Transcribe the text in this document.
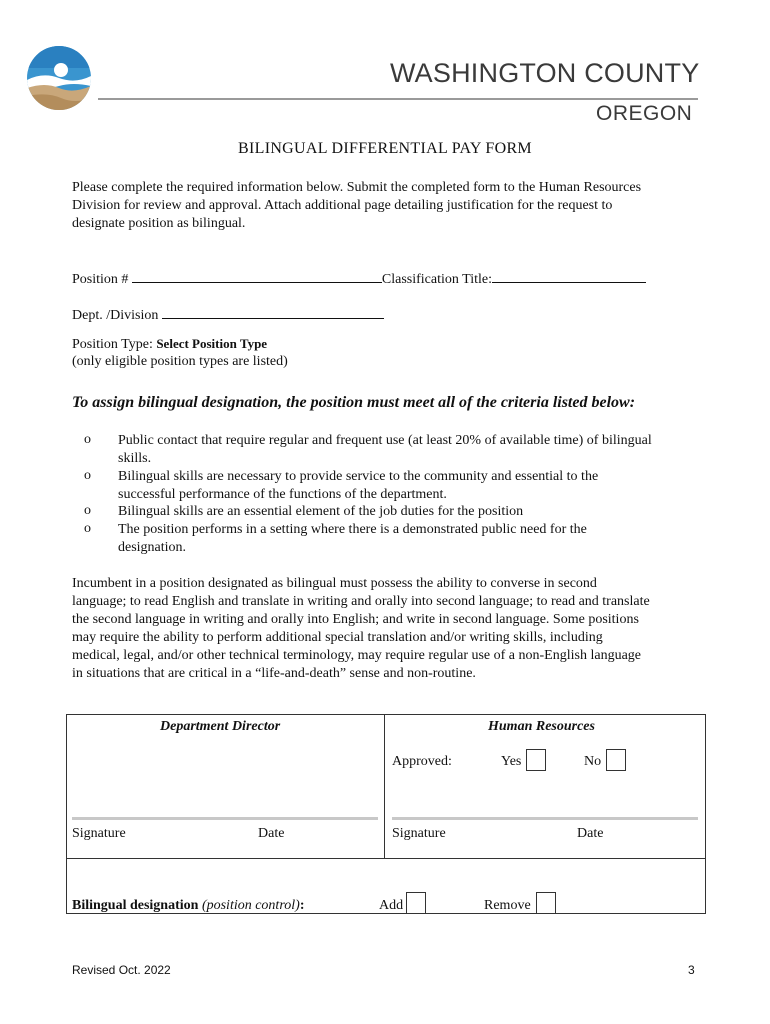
WASHINGTON COUNTY
OREGON
BILINGUAL DIFFERENTIAL PAY FORM
Please complete the required information below. Submit the completed form to the Human Resources
Division for review and approval. Attach additional page detailing justification for the request to
designate position as bilingual.
Position #	Classification Title:
Dept. /Division
Position Type: Select Position Type
(only eligible position types are listed)
To assign bilingual designation, the position must meet all of the criteria listed below:
o Public contact that require regular and frequent use (at least 20% of available time) of bilingual
skills.
o Bilingual skills are necessary to provide service to the community and essential to the
successful performance of the functions of the department.
o Bilingual skills are an essential element of the job duties for the position
o The position performs in a setting where there is a demonstrated public need for the
designation.
Incumbent in a position designated as bilingual must possess the ability to converse in second
language; to read English and translate in writing and orally into second language; to read and translate
the second language in writing and orally into English; and write in second language. Some positions
may require the ability to perform additional special translation and/or writing skills, including
medical, legal, and/or other technical terminology, may require regular use of a non-English language
in situations that are critical in a “life-and-death” sense and non-routine.
Department Director	Human Resources
Approved:	Yes	No
Signature	Date	Signature	Date
Bilingual designation (position control):	Add	Remove
Revised Oct. 2022	3
